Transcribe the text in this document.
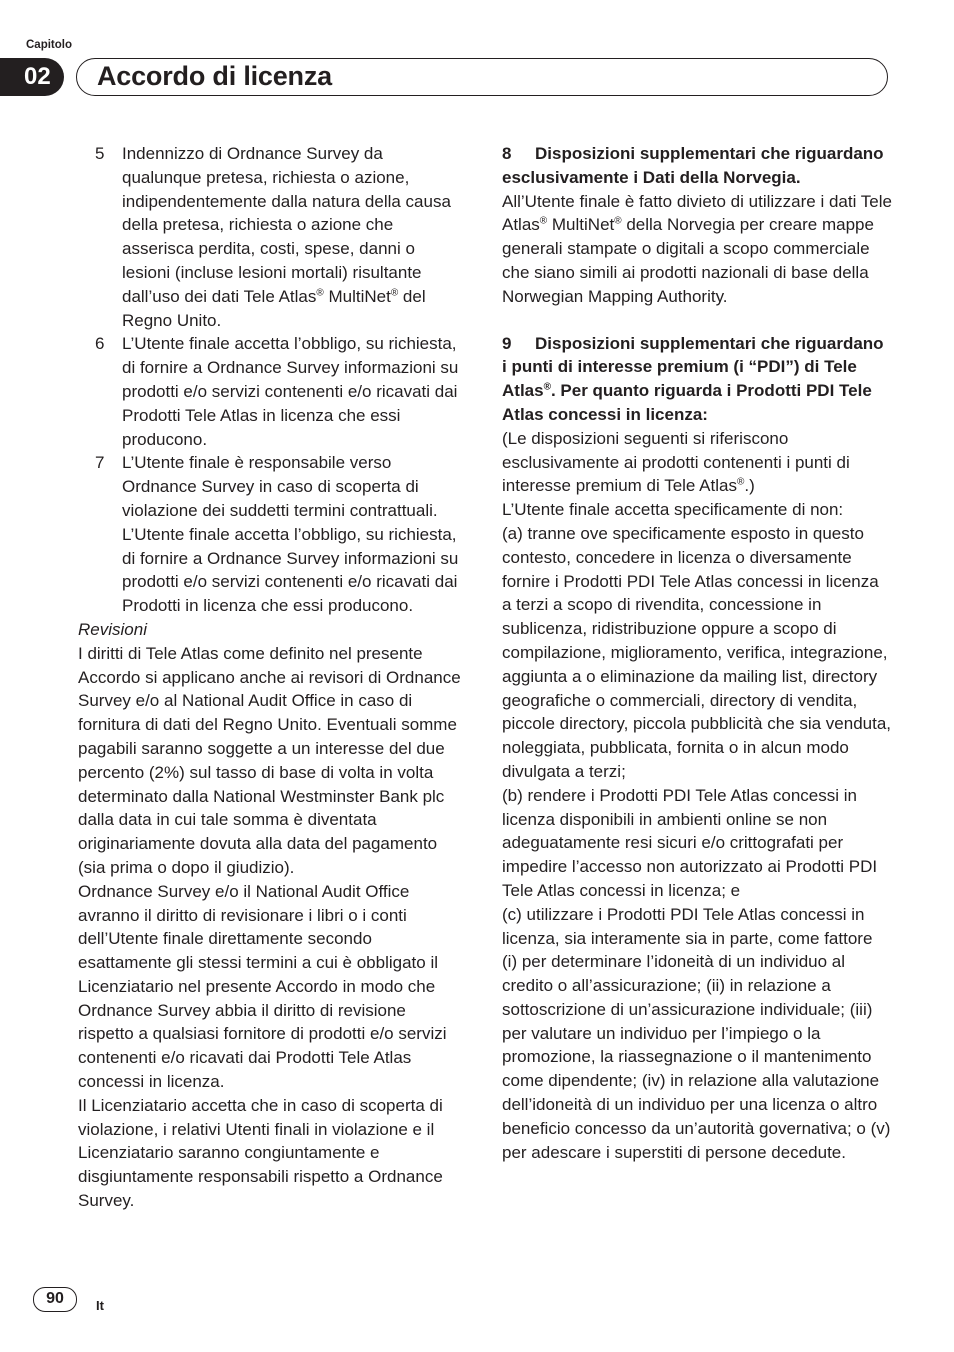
Capitolo
02	Accordo di licenza
5	Indennizzo di Ordnance Survey da qualunque pretesa, richiesta o azione, indipendentemente dalla natura della causa della pretesa, richiesta o azione che asserisca perdita, costi, spese, danni o lesioni (incluse lesioni mortali) risultante dall’uso dei dati Tele Atlas® MultiNet® del Regno Unito.
6	L’Utente finale accetta l’obbligo, su richiesta, di fornire a Ordnance Survey informazioni su prodotti e/o servizi contenenti e/o ricavati dai Prodotti Tele Atlas in licenza che essi producono.
7	L’Utente finale è responsabile verso Ordnance Survey in caso di scoperta di violazione dei suddetti termini contrattuali.

L’Utente finale accetta l’obbligo, su richiesta, di fornire a Ordnance Survey informazioni su prodotti e/o servizi contenenti e/o ricavati dai Prodotti in licenza che essi producono.

Revisioni

I diritti di Tele Atlas come definito nel presente Accordo si applicano anche ai revisori di Ordnance Survey e/o al National Audit Office in caso di fornitura di dati del Regno Unito. Eventuali somme pagabili saranno soggette a un interesse del due percento (2%) sul tasso di base di volta in volta determinato dalla National Westminster Bank plc dalla data in cui tale somma è diventata originariamente dovuta alla data del pagamento (sia prima o dopo il giudizio).

Ordnance Survey e/o il National Audit Office avranno il diritto di revisionare i libri o i conti dell’Utente finale direttamente secondo esattamente gli stessi termini a cui è obbligato il Licenziatario nel presente Accordo in modo che Ordnance Survey abbia il diritto di revisione rispetto a qualsiasi fornitore di prodotti e/o servizi contenenti e/o ricavati dai Prodotti Tele Atlas concessi in licenza.

Il Licenziatario accetta che in caso di scoperta di violazione, i relativi Utenti finali in violazione e il Licenziatario saranno congiuntamente e disgiuntamente responsabili rispetto a Ordnance Survey.

8 Disposizioni supplementari che riguardano esclusivamente i Dati della Norvegia.

All’Utente finale è fatto divieto di utilizzare i dati Tele Atlas® MultiNet® della Norvegia per creare mappe generali stampate o digitali a scopo commerciale che siano simili ai prodotti nazionali di base della Norwegian Mapping Authority.

9 Disposizioni supplementari che riguardano i punti di interesse premium (i “PDI”) di Tele Atlas®. Per quanto riguarda i Prodotti PDI Tele Atlas concessi in licenza:

(Le disposizioni seguenti si riferiscono esclusivamente ai prodotti contenenti i punti di interesse premium di Tele Atlas®.)

L’Utente finale accetta specificamente di non:

(a) tranne ove specificamente esposto in questo contesto, concedere in licenza o diversamente fornire i Prodotti PDI Tele Atlas concessi in licenza a terzi a scopo di rivendita, concessione in sublicenza, ridistribuzione oppure a scopo di compilazione, miglioramento, verifica, integrazione, aggiunta a o eliminazione da mailing list, directory geografiche o commerciali, directory di vendita, piccole directory, piccola pubblicità che sia venduta, noleggiata, pubblicata, fornita o in alcun modo divulgata a terzi;

(b) rendere i Prodotti PDI Tele Atlas concessi in licenza disponibili in ambienti online se non adeguatamente resi sicuri e/o crittografati per impedire l’accesso non autorizzato ai Prodotti PDI Tele Atlas concessi in licenza; e

(c) utilizzare i Prodotti PDI Tele Atlas concessi in licenza, sia interamente sia in parte, come fattore (i) per determinare l’idoneità di un individuo al credito o all’assicurazione; (ii) in relazione a sottoscrizione di un’assicurazione individuale; (iii) per valutare un individuo per l’impiego o la promozione, la riassegnazione o il mantenimento come dipendente; (iv) in relazione alla valutazione dell’idoneità di un individuo per una licenza o altro beneficio concesso da un’autorità governativa; o (v) per adescare i superstiti di persone decedute.

90	It
